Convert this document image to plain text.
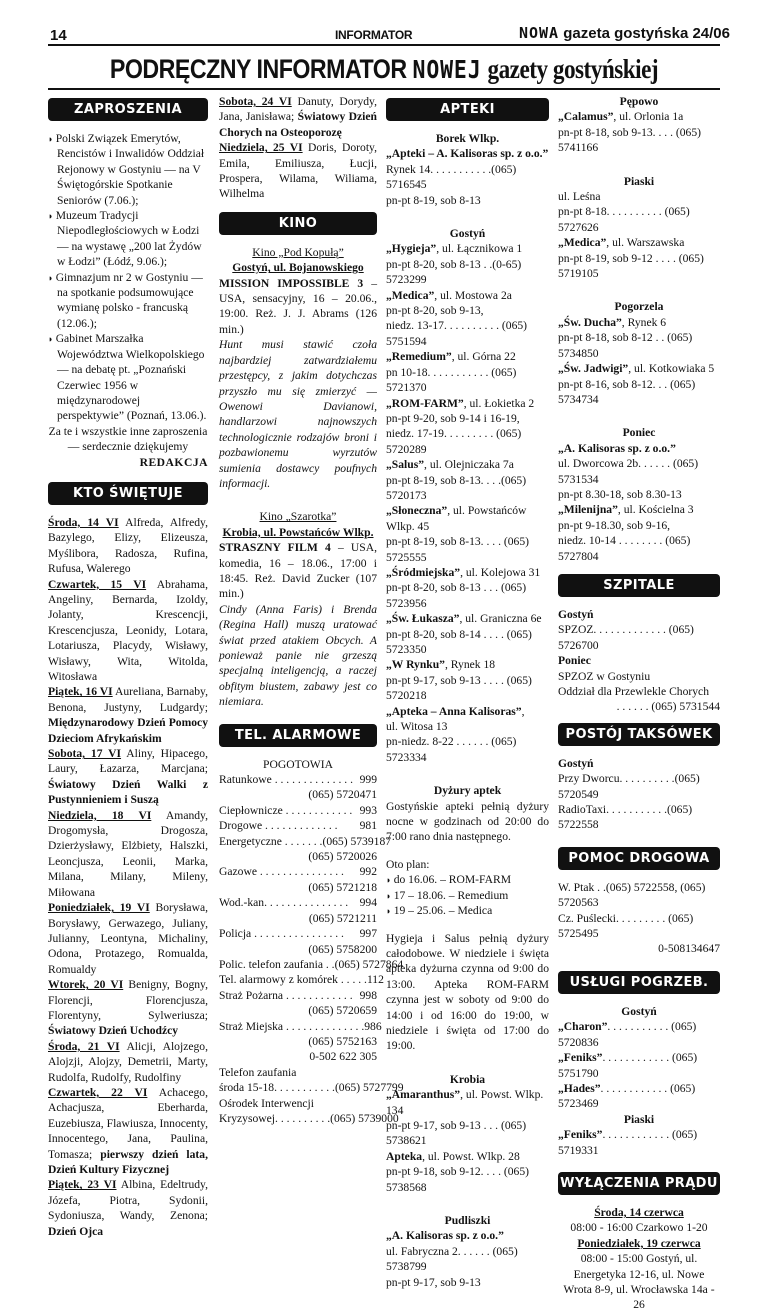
14	INFORMATOR	NOWA gazeta gostyńska 24/06
PODRĘCZNY INFORMATOR NOWEJ gazety gostyńskiej
ZAPROSZENIA
◗ Polski Związek Emerytów, Rencistów i Inwalidów Oddział Rejonowy w Gostyniu — na V Świętogórskie Spotkanie Seniorów (7.06.);
◗ Muzeum Tradycji Niepodległościowych w Łodzi — na wystawę „200 lat Żydów w Łodzi” (Łódź, 9.06.);
◗ Gimnazjum nr 2 w Gostyniu — na spotkanie podsumowujące wymianę polsko - francuską (12.06.);
◗ Gabinet Marszałka Województwa Wielkopolskiego — na debatę pt. „Poznański Czerwiec 1956 w międzynarodowej perspektywie” (Poznań, 13.06.).
Za te i wszystkie inne zaproszenia — serdecznie dziękujemy
REDAKCJA
KTO ŚWIĘTUJE
Środa, 14 VI Alfreda, Alfredy, Bazylego, Elizy, Elizeusza, Myślibora, Radosza, Rufina, Rufusa, Walerego
Czwartek, 15 VI Abrahama, Angeliny, Bernarda, Izoldy, Jolanty, Krescencji, Krescencjusza, Leonidy, Lotara, Lotariusza, Placydy, Wisławy, Wisławy, Wita, Witolda, Witosława
Piątek, 16 VI Aureliana, Barnaby, Benona, Justyny, Ludgardy; Międzynarodowy Dzień Pomocy Dzieciom Afrykańskim
Sobota, 17 VI Aliny, Hipacego, Laury, Łazarza, Marcjana; Światowy Dzień Walki z Pustynnieniem i Suszą
Niedziela, 18 VI Amandy, Drogomysła, Drogosza, Dzierżysławy, Elżbiety, Halszki, Leoncjusza, Leonii, Marka, Milana, Milany, Mileny, Miłowana
Poniedziałek, 19 VI Borysława, Borysławy, Gerwazego, Juliany, Julianny, Leontyna, Michaliny, Odona, Protazego, Romualda, Romualdy
Wtorek, 20 VI Benigny, Bogny, Florencji, Florencjusza, Florentyny, Sylweriusza; Światowy Dzień Uchodźcy
Środa, 21 VI Alicji, Alojzego, Alojzji, Alojzy, Demetrii, Marty, Rudolfa, Rudolfy, Rudolfiny
Czwartek, 22 VI Achacego, Achacjusza, Eberharda, Euzebiusza, Flawiusza, Innocenty, Innocentego, Jana, Paulina, Tomasza; pierwszy dzień lata, Dzień Kultury Fizycznej
Piątek, 23 VI Albina, Edeltrudy, Józefa, Piotra, Sydonii, Sydoniusza, Wandy, Zenona; Dzień Ojca
Sobota, 24 VI Danuty, Dorydy, Jana, Janisława; Światowy Dzień Chorych na Osteoporozę
Niedziela, 25 VI Doris, Doroty, Emila, Emiliusza, Łucji, Prospera, Wilama, Wiliama, Wilhelma
KINO
Kino „Pod Kopułą”
Gostyń, ul. Bojanowskiego
MISSION IMPOSSIBLE 3 – USA, sensacyjny, 16 – 20.06., 19:00. Reż. J. J. Abrams (126 min.)
Hunt musi stawić czoła najbardziej zatwardziałemu przestępcy, z jakim dotychczas przyszło mu się zmierzyć — Owenowi Davianowi, handlarzowi najnowszych technologicznie rodzajów broni i pozbawionemu wyrzutów sumienia dostawcy poufnych informacji.
Kino „Szarotka”
Krobia, ul. Powstańców Wlkp.
STRASZNY FILM 4 – USA, komedia, 16 – 18.06., 17:00 i 18:45. Reż. David Zucker (107 min.)
Cindy (Anna Faris) i Brenda (Regina Hall) muszą uratować świat przed atakiem Obcych. A ponieważ panie nie grzeszą specjalną inteligencją, a raczej obfitym biustem, zabawy jest co niemiara.
TEL. ALARMOWE
POGOTOWIA
Ratunkowe . . . . . . . . . . . . . . 999
(065) 5720471
Ciepłownicze . . . . . . . . . . . . 993
Drogowe . . . . . . . . . . . . . 981
Energetyczne . . . . . . . (065) 5739187
(065) 5720026
Gazowe . . . . . . . . . . . . . . . 992
(065) 5721218
Wod.-kan. . . . . . . . . . . . . . . 994
(065) 5721211
Policja . . . . . . . . . . . . . . . . 997
(065) 5758200
Polic. telefon zaufania . . (065) 5727864
Tel. alarmowy z komórek . . . . . 112
Straż Pożarna . . . . . . . . . . . . 998
(065) 5720659
Straż Miejska . . . . . . . . . . . . . . 986
(065) 5752163
0-502 622 305
Telefon zaufania
środa 15-18. . . . . . . . . . . (065) 5727799
Ośrodek Interwencji
Kryzysowej. . . . . . . . . . (065) 5739000
APTEKI
Borek Wlkp.
„Apteki – A. Kalisoras sp. z o.o.”
Rynek 14. . . . . . . . . . .(065) 5716545
pn-pt 8-19, sob 8-13
Gostyń
„Hygieja”, ul. Łącznikowa 1
pn-pt 8-20, sob 8-13 . .(0-65) 5723299
„Medica”, ul. Mostowa 2a
pn-pt 8-20, sob 9-13,
niedz. 13-17. . . . . . . . . . (065) 5751594
„Remedium”, ul. Górna 22
pn 10-18. . . . . . . . . . . (065) 5721370
„ROM-FARM”, ul. Łokietka 2
pn-pt 9-20, sob 9-14 i 16-19,
niedz. 17-19. . . . . . . . . (065) 5720289
„Salus”, ul. Olejniczaka 7a
pn-pt 8-19, sob 8-13. . . .(065) 5720173
„Słoneczna”, ul. Powstańców Wlkp. 45
pn-pt 8-19, sob 8-13. . . . (065) 5725555
„Śródmiejska”, ul. Kolejowa 31
pn-pt 8-20, sob 8-13 . . . (065) 5723956
„Św. Łukasza”, ul. Graniczna 6e
pn-pt 8-20, sob 8-14 . . . . (065) 5723350
„W Rynku”, Rynek 18
pn-pt 9-17, sob 9-13 . . . . (065) 5720218
„Apteka – Anna Kalisoras”,
ul. Witosa 13
pn-niedz. 8-22 . . . . . . (065) 5723334
Dyżury aptek
Gostyńskie apteki pełnią dyżury nocne w godzinach od 20:00 do 7:00 rano dnia następnego.
Oto plan:
◗ do 16.06. – ROM-FARM
◗ 17 – 18.06. – Remedium
◗ 19 – 25.06. – Medica
Hygieja i Salus pełnią dyżury całodobowe. W niedziele i święta apteka dyżurna czynna od 9:00 do 13:00. Apteka ROM-FARM czynna jest w soboty od 9:00 do 14:00 i od 16:00 do 19:00, w niedziele i święta od 17:00 do 19:00.
Krobia
„Amaranthus”, ul. Powst. Wlkp. 134
pn-pt 9-17, sob 9-13 . . . (065) 5738621
Apteka, ul. Powst. Wlkp. 28
pn-pt 9-18, sob 9-12. . . . (065) 5738568
Pudliszki
„A. Kalisoras sp. z o.o.”
ul. Fabryczna 2. . . . . . (065) 5738799
pn-pt 9-17, sob 9-13
Pępowo
„Calamus”, ul. Orlonia 1a
pn-pt 8-18, sob 9-13. . . . (065) 5741166
Piaski
ul. Leśna
pn-pt 8-18. . . . . . . . . . (065) 5727626
„Medica”, ul. Warszawska
pn-pt 8-19, sob 9-12 . . . . (065) 5719105
Pogorzela
„Św. Ducha”, Rynek 6
pn-pt 8-18, sob 8-12 . . (065) 5734850
„Św. Jadwigi”, ul. Kotkowiaka 5
pn-pt 8-16, sob 8-12. . . (065) 5734734
Poniec
„A. Kalisoras sp. z o.o.”
ul. Dworcowa 2b. . . . . . (065) 5731534
pn-pt 8.30-18, sob 8.30-13
„Milenijna”, ul. Kościelna 3
pn-pt 9-18.30, sob 9-16,
niedz. 10-14 . . . . . . . . (065) 5727804
SZPITALE
Gostyń
SPZOZ. . . . . . . . . . . . . (065) 5726700
Poniec
SPZOZ w Gostyniu
Oddział dla Przewlekle Chorych
. . . . . . (065) 5731544
POSTÓJ TAKSÓWEK
Gostyń
Przy Dworcu. . . . . . . . . .(065) 5720549
RadioTaxi. . . . . . . . . . .(065) 5722558
POMOC DROGOWA
W. Ptak . .(065) 5722558, (065) 5720563
Cz. Puślecki. . . . . . . . . (065) 5725495
0-508134647
USŁUGI POGRZEB.
Gostyń
„Charon”. . . . . . . . . . . (065) 5720836
„Feniks”. . . . . . . . . . . . (065) 5751790
„Hades”. . . . . . . . . . . . (065) 5723469
Piaski
„Feniks”. . . . . . . . . . . . (065) 5719331
WYŁĄCZENIA PRĄDU
Środa, 14 czerwca
08:00 - 16:00 Czarkowo 1-20
Poniedziałek, 19 czerwca
08:00 - 15:00 Gostyń, ul. Energetyka 12-16, ul. Nowe Wrota 8-9, ul. Wrocławska 14a - 26
